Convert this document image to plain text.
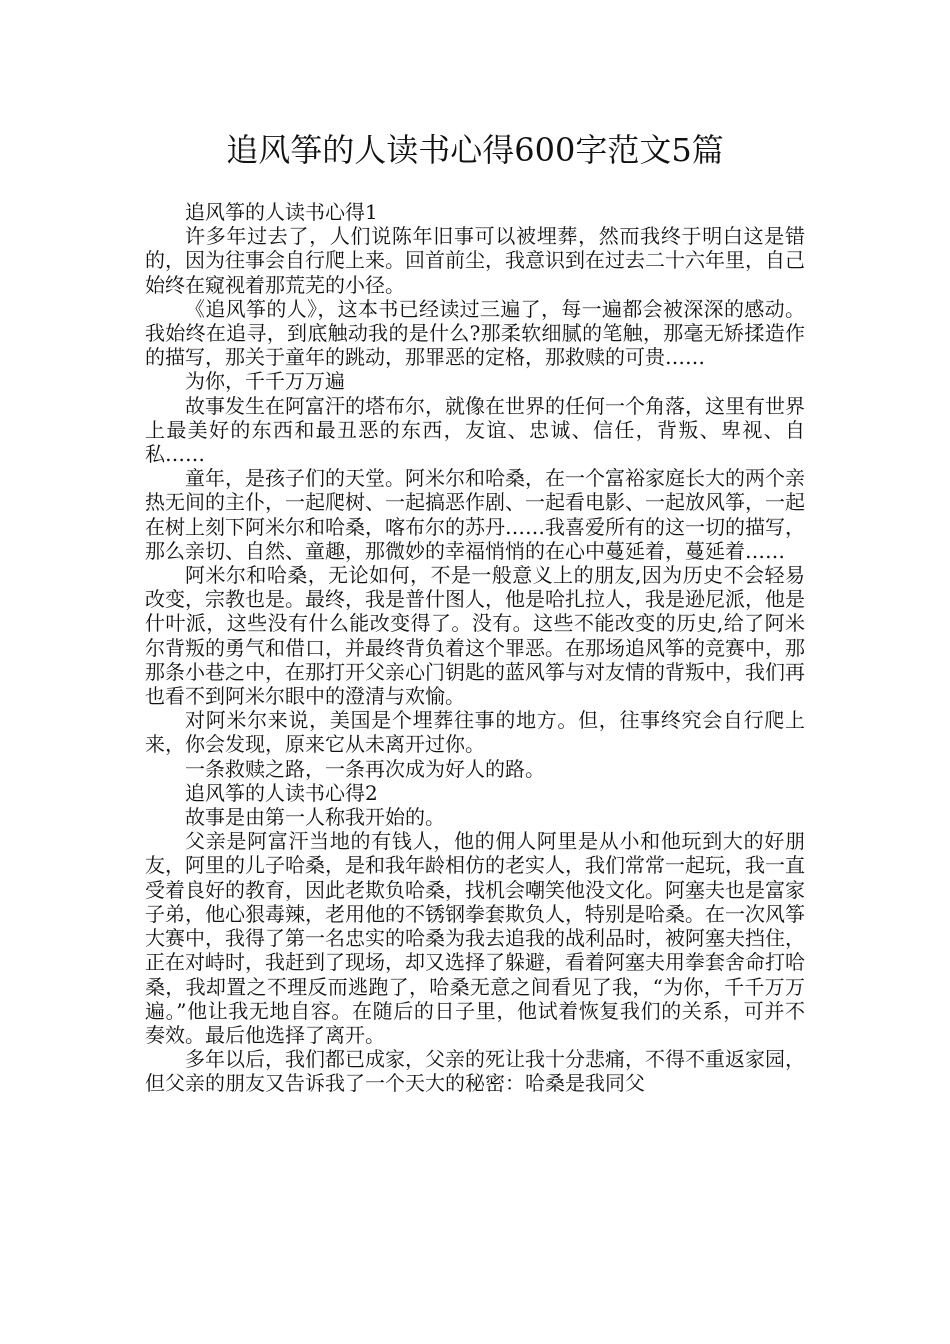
追风筝的人读书心得600字范文5篇

追风筝的人读书心得1

许多年过去了，人们说陈年旧事可以被埋葬，然而我终于明白这是错的，因为往事会自行爬上来。回首前尘，我意识到在过去二十六年里，自己始终在窥视着那荒芜的小径。

《追风筝的人》，这本书已经读过三遍了，每一遍都会被深深的感动。我始终在追寻，到底触动我的是什么?那柔软细腻的笔触，那毫无矫揉造作的描写，那关于童年的跳动，那罪恶的定格，那救赎的可贵……

为你，千千万万遍

故事发生在阿富汗的塔布尔，就像在世界的任何一个角落，这里有世界上最美好的东西和最丑恶的东西，友谊、忠诚、信任，背叛、卑视、自私……

童年，是孩子们的天堂。阿米尔和哈桑，在一个富裕家庭长大的两个亲热无间的主仆，一起爬树、一起搞恶作剧、一起看电影、一起放风筝，一起在树上刻下阿米尔和哈桑，喀布尔的苏丹……我喜爱所有的这一切的描写，那么亲切、自然、童趣，那微妙的幸福悄悄的在心中蔓延着，蔓延着……

阿米尔和哈桑，无论如何，不是一般意义上的朋友,因为历史不会轻易改变，宗教也是。最终，我是普什图人，他是哈扎拉人，我是逊尼派，他是什叶派，这些没有什么能改变得了。没有。这些不能改变的历史,给了阿米尔背叛的勇气和借口，并最终背负着这个罪恶。在那场追风筝的竞赛中，那那条小巷之中，在那打开父亲心门钥匙的蓝风筝与对友情的背叛中，我们再也看不到阿米尔眼中的澄清与欢愉。

对阿米尔来说，美国是个埋葬往事的地方。但，往事终究会自行爬上来，你会发现，原来它从未离开过你。

一条救赎之路，一条再次成为好人的路。

追风筝的人读书心得2

故事是由第一人称我开始的。

父亲是阿富汗当地的有钱人，他的佣人阿里是从小和他玩到大的好朋友，阿里的儿子哈桑，是和我年龄相仿的老实人，我们常常一起玩，我一直受着良好的教育，因此老欺负哈桑，找机会嘲笑他没文化。阿塞夫也是富家子弟，他心狠毒辣，老用他的不锈钢拳套欺负人，特别是哈桑。在一次风筝大赛中，我得了第一名忠实的哈桑为我去追我的战利品时，被阿塞夫挡住，正在对峙时，我赶到了现场，却又选择了躲避，看着阿塞夫用拳套舍命打哈桑，我却置之不理反而逃跑了，哈桑无意之间看见了我，“为你，千千万万遍。”他让我无地自容。在随后的日子里，他试着恢复我们的关系，可并不奏效。最后他选择了离开。

多年以后，我们都已成家，父亲的死让我十分悲痛，不得不重返家园，但父亲的朋友又告诉我了一个天大的秘密：哈桑是我同父
